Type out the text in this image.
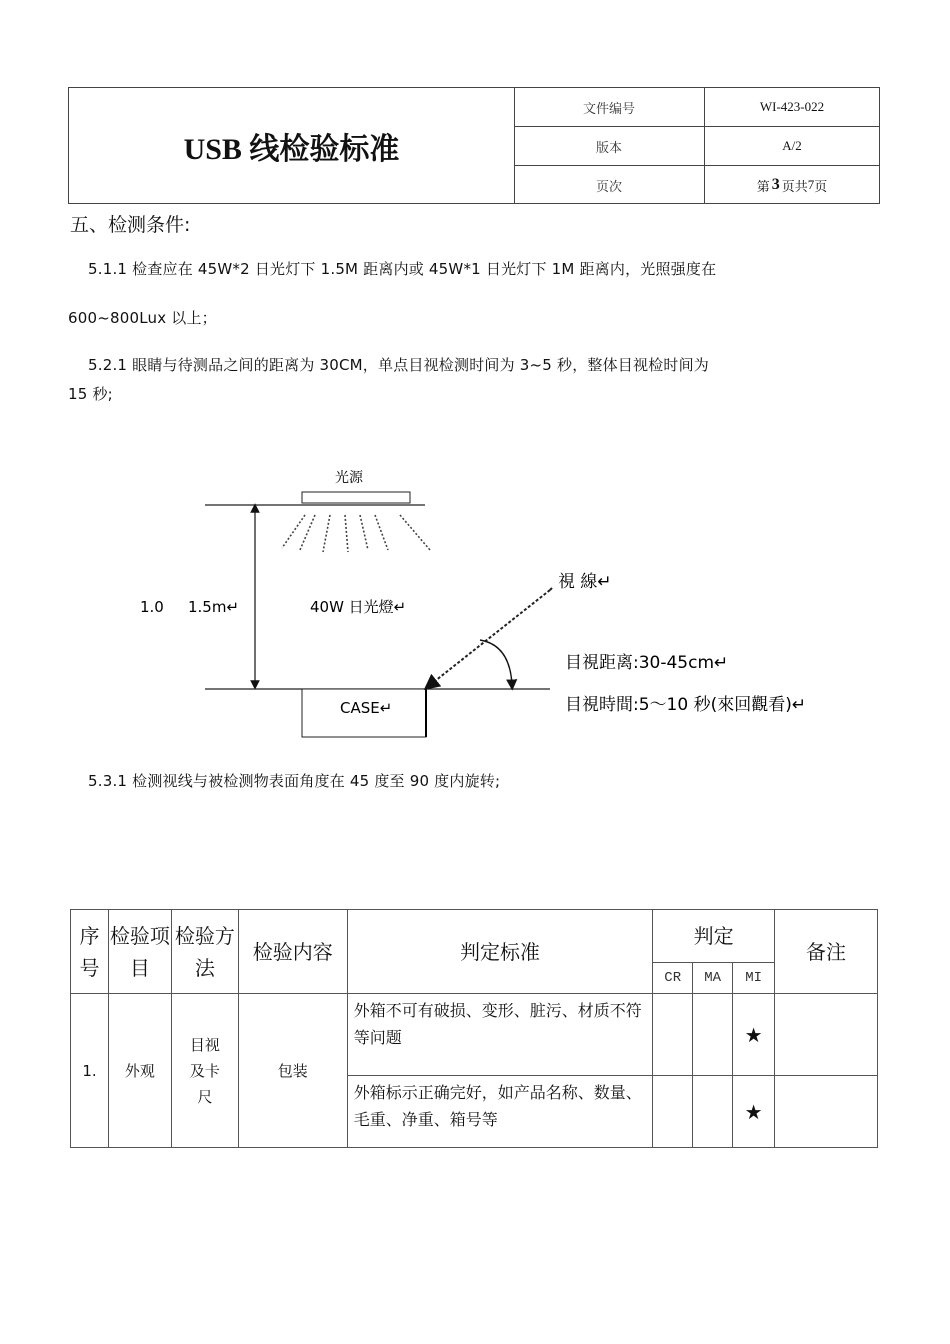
USB 线检验标准
文件编号	WI-423-022
版本	A/2
页次	第 3 页共 7 页
五、检测条件:
5.1.1 检查应在 45W*2 日光灯下 1.5M 距离内或 45W*1 日光灯下 1M 距离内，光照强度在
600~800Lux 以上；
5.2.1 眼睛与待测品之间的距离为 30CM，单点目视检测时间为 3~5 秒，整体目视检时间为
15 秒;
光源
1.0 1.5m↵	40W 日光燈↵
CASE↵
視 線↵
目視距离:30-45cm↵
目視時間:5〜10 秒(來回觀看)↵
5.3.1 检测视线与被检测物表面角度在 45 度至 90 度内旋转;
序号	检验项目	检验方法	检验内容	判定标准	判定			备注
					CR	MA	MI	
1.	外观	目视及卡尺	包装	外箱不可有破损、变形、脏污、材质不符等问题			★	
				外箱标示正确完好，如产品名称、数量、毛重、净重、箱号等			★	
